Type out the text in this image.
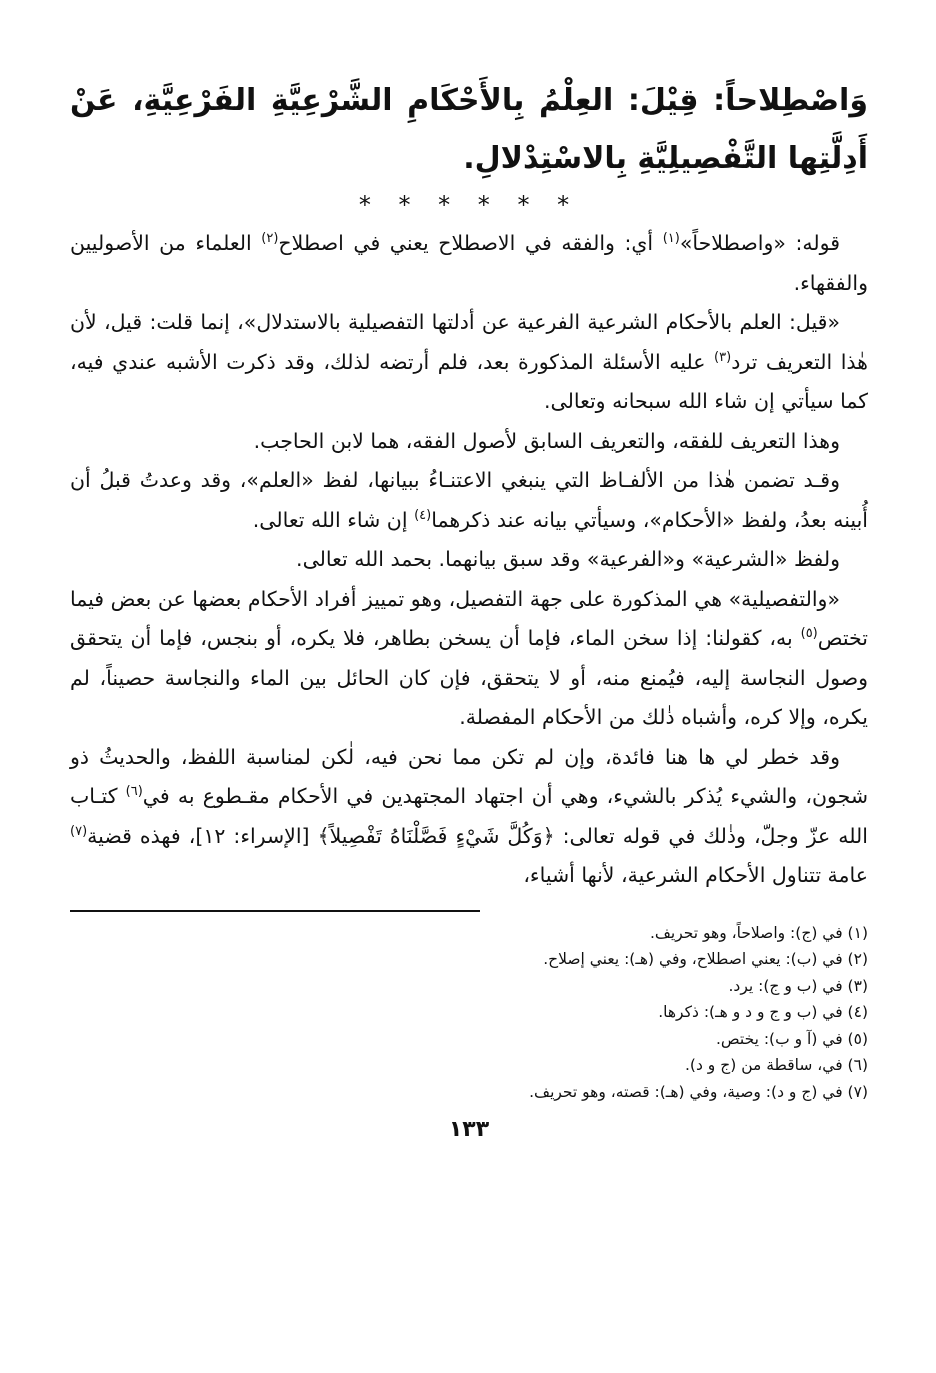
وَاصْطِلاحاً: قِيْلَ: العِلْمُ بِالأَحْكَامِ الشَّرْعِيَّةِ الفَرْعِيَّةِ، عَنْ أَدِلَّتِها التَّفْصِيلِيَّةِ بِالاسْتِدْلالِ.

* * * * * *

قوله: «واصطلاحاً»$^{(١)}$ أي: والفقه في الاصطلاح يعني في اصطلاح$^{(٢)}$ العلماء من الأصوليين والفقهاء.

«قيل: العلم بالأحكام الشرعية الفرعية عن أدلتها التفصيلية بالاستدلال»، إنما قلت: قيل، لأن هٰذا التعريف ترد$^{(٣)}$ عليه الأسئلة المذكورة بعد، فلم أرتضه لذلك، وقد ذكرت الأشبه عندي فيه، كما سيأتي إن شاء الله سبحانه وتعالى.

وهذا التعريف للفقه، والتعريف السابق لأصول الفقه، هما لابن الحاجب.

وقـد تضمن هٰذا من الألفـاظ التي ينبغي الاعتنـاءُ ببيانها، لفظ «العلم»، وقد وعدتُ قبلُ أن أُبينه بعدُ، ولفظ «الأحكام»، وسيأتي بيانه عند ذكرهما$^{(٤)}$ إن شاء الله تعالى.

ولفظ «الشرعية» و«الفرعية» وقد سبق بيانهما. بحمد الله تعالى.

«والتفصيلية» هي المذكورة على جهة التفصيل، وهو تمييز أفراد الأحكام بعضها عن بعض فيما تختص$^{(٥)}$ به، كقولنا: إذا سخن الماء، فإما أن يسخن بطاهر، فلا يكره، أو بنجس، فإما أن يتحقق وصول النجاسة إليه، فيُمنع منه، أو لا يتحقق، فإن كان الحائل بين الماء والنجاسة حصيناً، لم يكره، وإلا كره، وأشباه ذٰلك من الأحكام المفصلة.

وقد خطر لي ها هنا فائدة، وإن لم تكن مما نحن فيه، لٰكن لمناسبة اللفظ، والحديثُ ذو شجون، والشيء يُذكر بالشيء، وهي أن اجتهاد المجتهدين في الأحكام مقـطوع به في$^{(٦)}$ كتـاب الله عزّ وجلّ، وذٰلك في قوله تعالى: ﴿وَكُلَّ شَيْءٍ فَصَّلْنَاهُ تَفْصِيلاً﴾ [الإسراء: ١٢]، فهذه قضية$^{(٧)}$ عامة تتناول الأحكام الشرعية، لأنها أشياء،

(١) في (ج): واصلاحاً، وهو تحريف.
(٢) في (ب): يعني اصطلاح، وفي (هـ): يعني إصلاح.
(٣) في (ب و ج): يرد.
(٤) في (ب و ج و د و هـ): ذكرها.
(٥) في (آ و ب): يختص.
(٦) في، ساقطة من (ج و د).
(٧) في (ج و د): وصية، وفي (هـ): قصته، وهو تحريف.
١٣٣
